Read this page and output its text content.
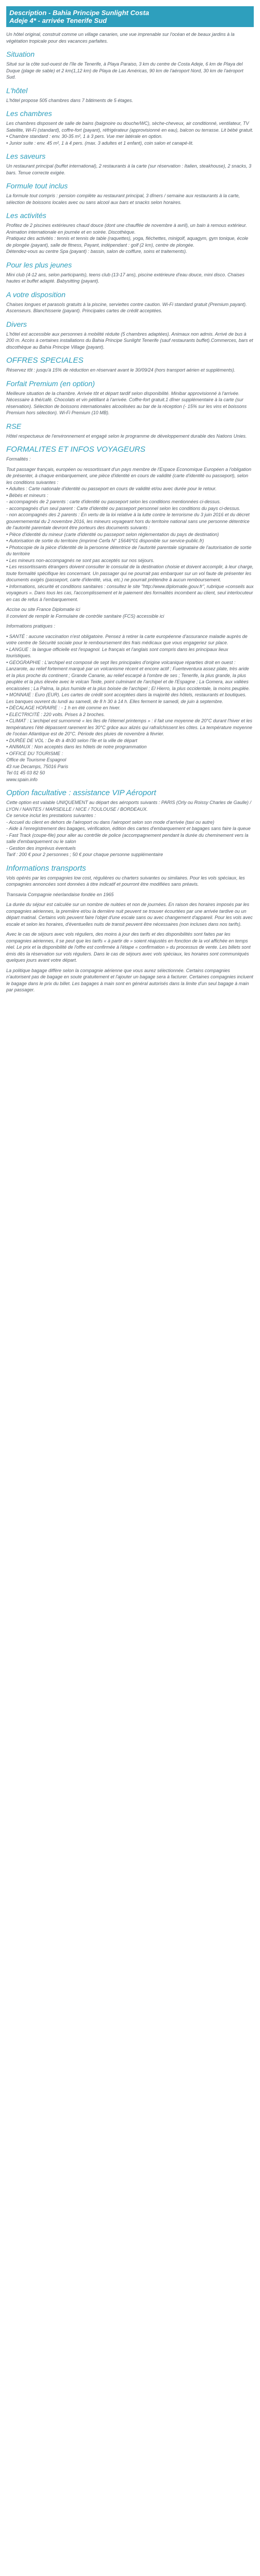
Description - Bahia Principe Sunlight Costa
Adeje 4* - arrivée Tenerife Sud

Un hôtel original, construit comme un village canarien, une vue imprenable sur l'océan et de beaux jardins à la végétation tropicale pour des vacances parfaites.

Situation

Situé sur la côte sud-ouest de l'île de Tenerife, à Playa Paraiso, 3 km du centre de Costa Adeje, 6 km de Playa del Duque (plage de sable) et 2 km(1,12 km) de Playa de Las Américas, 90 km de l'aéroport Nord, 30 km de l'aéroport Sud.

L'hôtel

L'hôtel propose 505 chambres dans 7 bâtiments de 5 étages.

Les chambres

Les chambres disposent de salle de bains (baignoire ou douche/WC), sèche-cheveux, air conditionné, ventilateur, TV Satellite, Wi-Fi (standard), coffre-fort (payant), réfrigérateur (approvisionné en eau), balcon ou terrasse. Lit bébé gratuit.
• Chambre standard : env. 30-35 m², 1 à 3 pers. Vue mer latérale en option.
• Junior suite : env. 45 m², 1 à 4 pers. (max. 3 adultes et 1 enfant), coin salon et canapé-lit.

Les saveurs

Un restaurant principal (buffet international), 2 restaurants à la carte (sur réservation : Italien, steakhouse), 2 snacks, 3 bars. Tenue correcte exigée.

Formule tout inclus

La formule tout compris : pension complète au restaurant principal, 3 dîners / semaine aux restaurants à la carte, sélection de boissons locales avec ou sans alcool aux bars et snacks selon horaires.

Les activités

Profitez de 2 piscines extérieures chaud douce (dont une chauffée de novembre à avril), un bain à remous extérieur. Animation internationale en journée et en soirée. Discothèque.
Pratiquez des activités : tennis et tennis de table (raquettes), yoga, fléchettes, minigolf, aquagym, gym tonique, école de plongée (payant), salle de fitness, Payant, indépendant : golf (2 km), centre de plongée.
Détendez-vous au centre Spa (payant) : bassin, salon de coiffure, soins et traitements).

Pour les plus jeunes

Mini club (4-12 ans, selon participants), teens club (13-17 ans), piscine extérieure d'eau douce, mini disco. Chaises hautes et buffet adapté. Babysitting (payant).

A votre disposition

Chaises longues et parasols gratuits à la piscine, serviettes contre caution. Wi-Fi standard gratuit (Premium payant). Ascenseurs. Blanchisserie (payant). Principales cartes de crédit acceptées.

Divers

L'hôtel est accessible aux personnes à mobilité réduite (5 chambres adaptées). Animaux non admis. Arrivé de bus à 200 m. Accès à certaines installations du Bahia Principe Sunlight Tenerife (sauf restaurants buffet).Commerces, bars et discothèque au Bahia Principe Village (payant).

OFFRES SPECIALES

Réservez tôt : jusqu'à 15% de réduction en réservant avant le 30/09/24 (hors transport aérien et suppléments).

Forfait Premium (en option)

Meilleure situation de la chambre. Arrivée tôt et départ tardif selon disponibilité. Minibar approvisionné à l'arrivée. Nécessaire à thé/café. Chocolats et vin pétillant à l'arrivée. Coffre-fort gratuit.1 dîner supplémentaire à la carte (sur réservation). Sélection de boissons internationales alcoolisées au bar de la réception (- 15% sur les vins et boissons Premium hors sélection). Wi-Fi Premium (10 MB).

RSE

Hôtel respectueux de l'environnement et engagé selon le programme de développement durable des Nations Unies.

FORMALITES ET INFOS VOYAGEURS

Formalités :

Tout passager français, européen ou ressortissant d'un pays membre de l'Espace Economique Européen a l'obligation de présenter, à chaque embarquement, une pièce d'identité en cours de validité (carte d'identité ou passeport), selon les conditions suivantes :
• Adultes : Carte nationale d'identité ou passeport en cours de validité et/ou avec durée pour le retour.
• Bébés et mineurs :
- accompagnés de 2 parents : carte d'identité ou passeport selon les conditions mentionnées ci-dessus.
- accompagnés d'un seul parent : Carte d'identité ou passeport personnel selon les conditions du pays ci-dessus.
- non accompagnés des 2 parents : En vertu de la loi relative à la lutte contre le terrorisme du 3 juin 2016 et du décret gouvernemental du 2 novembre 2016, les mineurs voyageant hors du territoire national sans une personne détentrice de l'autorité parentale devront être porteurs des documents suivants :
• Pièce d'identité du mineur (carte d'identité ou passeport selon réglementation du pays de destination)
• Autorisation de sortie du territoire (imprimé Cerfa N° 15646*01 disponible sur service-public.fr)
• Photocopie de la pièce d'identité de la personne détentrice de l'autorité parentale signataire de l'autorisation de sortie du territoire
• Les mineurs non-accompagnés ne sont pas acceptés sur nos séjours.
• Les ressortissants étrangers doivent consulter le consulat de la destination choisie et doivent accomplir, à leur charge, toute formalité spécifique les concernant. Un passager qui ne pourrait pas embarquer sur un vol faute de présenter les documents exigés (passeport, carte d'identité, visa, etc.) ne pourrait prétendre à aucun remboursement.
• Informations, sécurité et conditions sanitaires : consultez le site "http://www.diplomatie.gouv.fr", rubrique «conseils aux voyageurs ». Dans tous les cas, l'accomplissement et le paiement des formalités incombent au client, seul interlocuteur en cas de refus à l'embarquement.

Accise ou site France Diplomatie ici
Il convient de remplir le Formulaire de contrôle sanitaire (FCS) accessible ici

Informations pratiques :

• SANTÉ : aucune vaccination n'est obligatoire. Pensez à retirer la carte européenne d'assurance maladie auprès de votre centre de Sécurité sociale pour le remboursement des frais médicaux que vous engageriez sur place.
• LANGUE : la langue officielle est l'espagnol. Le français et l'anglais sont compris dans les principaux lieux touristiques.
• GEOGRAPHIE : L'archipel est composé de sept îles principales d'origine volcanique réparties droit en ouest : Lanzarote, au relief fortement marqué par un volcanisme récent et encore actif ; Fuerteventura assez plate, très aride et la plus proche du continent ; Grande Canarie, au relief escarpé à l'ombre de ses ; Tenerife, la plus grande, la plus peuplée et la plus élevée avec le volcan Teide, point culminant de l'archipel et de l'Espagne ; La Gomera, aux vallées encaissées ; La Palma, la plus humide et la plus boisée de l'archipel ; El Hierro, la plus occidentale, la moins peuplée.
• MONNAIE : Euro (EUR). Les cartes de crédit sont acceptées dans la majorité des hôtels, restaurants et boutiques. Les banques ouvrent du lundi au samedi, de 8 h 30 à 14 h. Elles ferment le samedi, de juin à septembre.
• DÉCALAGE HORAIRE : - 1 h en été comme en hiver.
• ELECTRICITÉ : 220 volts. Prises à 2 broches.
• CLIMAT : L'archipel est surnommé « les îles de l'éternel printemps » : il fait une moyenne de 20°C durant l'hiver et les températures l'été dépassent rarement les 30°C grâce aux alizés qui rafraîchissent les côtes. La température moyenne de l'océan Atlantique est de 20°C. Période des pluies de novembre à février.
• DURÉE DE VOL : De 4h à 4h30 selon l'île et la ville de départ
• ANIMAUX : Non acceptés dans les hôtels de notre programmation
• OFFICE DU TOURISME :
Office de Tourisme Espagnol
43 rue Decamps, 75016 Paris
Tel 01 45 03 82 50
www.spain.info

Option facultative : assistance VIP Aéroport

Cette option est valable UNIQUEMENT au départ des aéroports suivants : PARIS (Orly ou Roissy Charles de Gaulle) / LYON / NANTES / MARSEILLE / NICE / TOULOUSE / BORDEAUX.
Ce service inclut les prestations suivantes :
- Accueil du client en dehors de l'aéroport ou dans l'aéroport selon son mode d'arrivée (taxi ou autre)
- Aide à l'enregistrement des bagages, vérification, édition des cartes d'embarquement et bagages sans faire la queue
- Fast Track (coupe-file) pour aller au contrôle de police (accompagnement pendant la durée du cheminement vers la salle d'embarquement ou le salon
- Gestion des imprévus éventuels
Tarif : 200 € pour 2 personnes ; 50 € pour chaque personne supplémentaire

Informations transports

Vols opérés par les compagnies low cost, régulières ou charters suivantes ou similaires. Pour les vols spéciaux, les compagnies annoncées sont données à titre indicatif et pourront être modifiées sans préavis.

Transavia Compagnie néerlandaise fondée en 1965

La durée du séjour est calculée sur un nombre de nuitées et non de journées. En raison des horaires imposés par les compagnies aériennes, la première et/ou la dernière nuit peuvent se trouver écourtées par une arrivée tardive ou un départ matinal. Certains vols peuvent faire l'objet d'une escale sans ou avec changement d'appareil. Pour les vols avec escale et selon les horaires, d'éventuelles nuits de transit peuvent être nécessaires (non incluses dans nos tarifs).

Avec le cas de séjours avec vols réguliers, des moins à jour des tarifs et des disponibilités sont faites par les compagnies aériennes, il se peut que les tarifs « à partir de » soient réajustés en fonction de la vol affichée en temps réel. Le prix et la disponibilité de l'offre est confirmée à l'étape « confirmation » du processus de vente. Les billets sont émis dès la réservation sur vols réguliers. Dans le cas de séjours avec vols spéciaux, les horaires sont communiqués quelques jours avant votre départ.

La politique bagage diffère selon la compagnie aérienne que vous aurez sélectionnée. Certains compagnies n'autorisent pas de bagage en soute gratuitement et l'ajouter un bagage sera à facturer. Certaines compagnies incluent le bagage dans le prix du billet. Les bagages à main sont en général autorisés dans la limite d'un seul bagage à main par passager.
